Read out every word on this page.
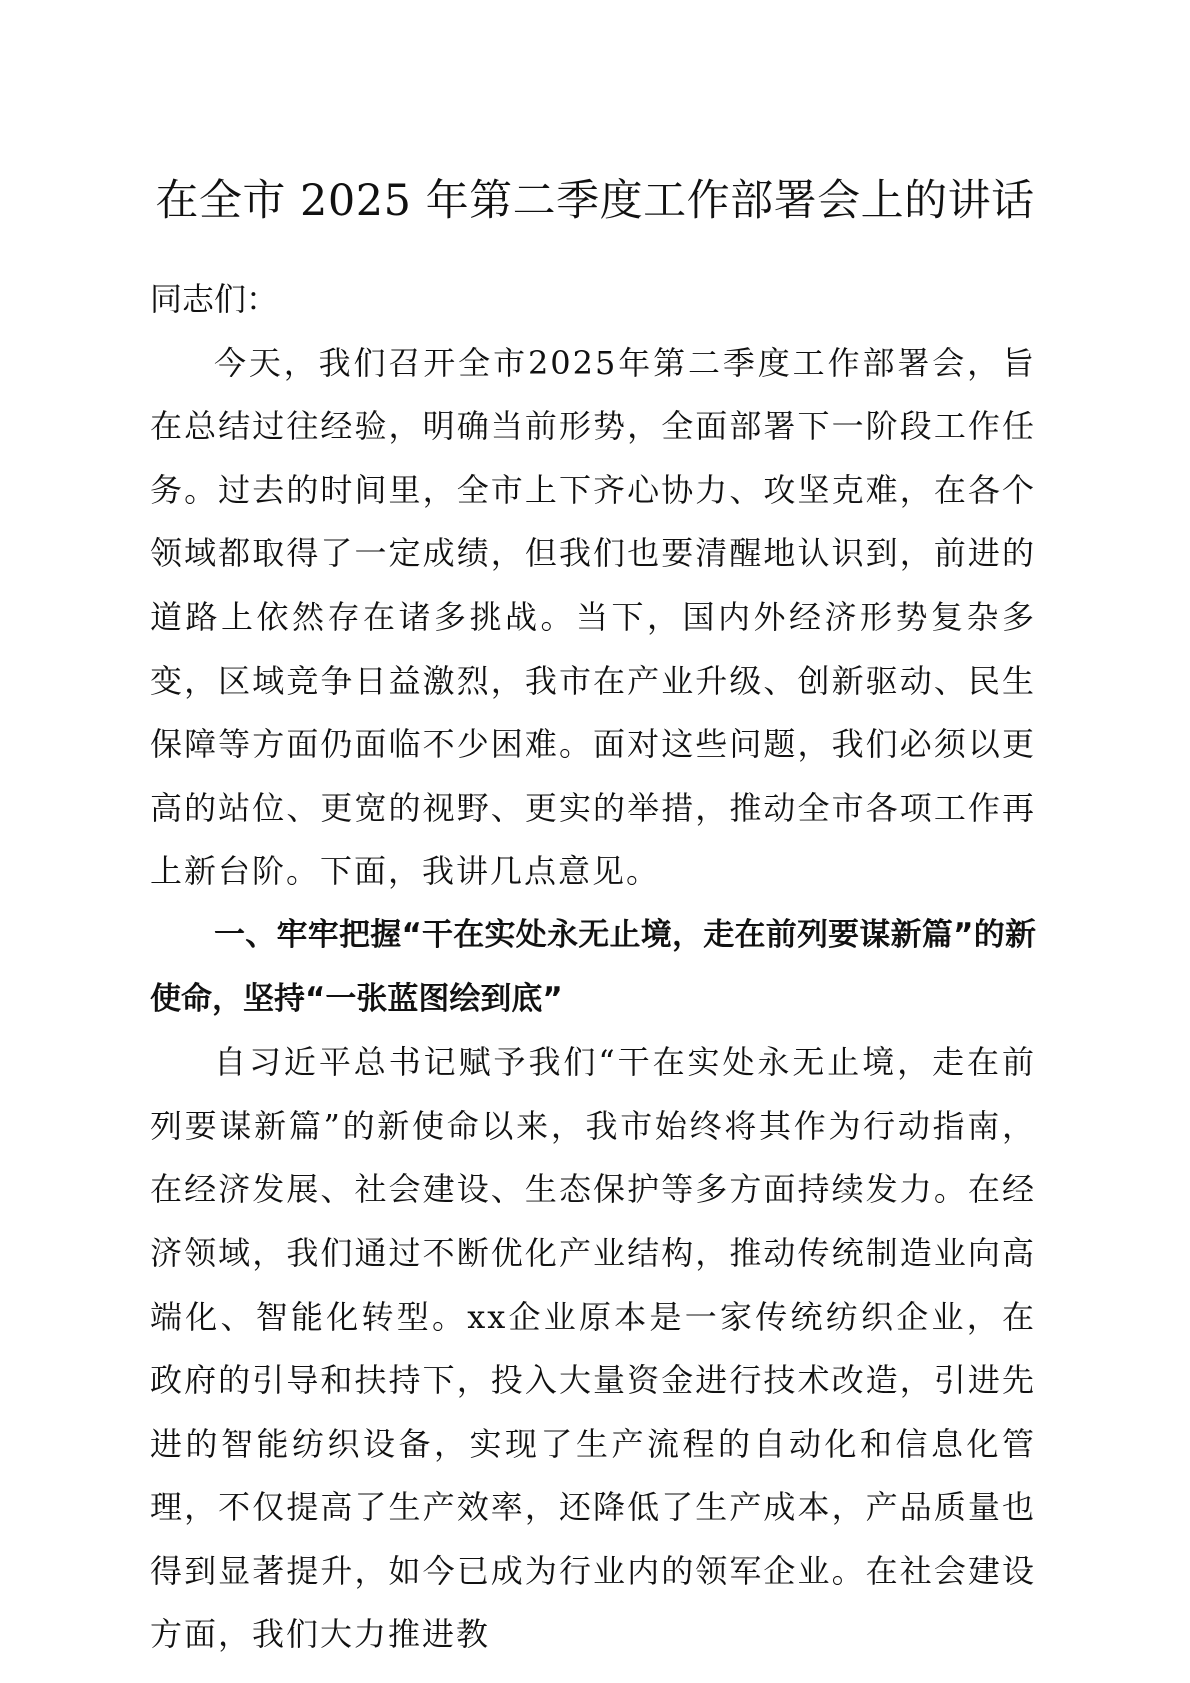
在全市 2025 年第二季度工作部署会上的讲话

同志们：

今天，我们召开全市2025年第二季度工作部署会，旨在总结过往经验，明确当前形势，全面部署下一阶段工作任务。过去的时间里，全市上下齐心协力、攻坚克难，在各个领域都取得了一定成绩，但我们也要清醒地认识到，前进的道路上依然存在诸多挑战。当下，国内外经济形势复杂多变，区域竞争日益激烈，我市在产业升级、创新驱动、民生保障等方面仍面临不少困难。面对这些问题，我们必须以更高的站位、更宽的视野、更实的举措，推动全市各项工作再上新台阶。下面，我讲几点意见。

一、牢牢把握“干在实处永无止境，走在前列要谋新篇”的新使命，坚持“一张蓝图绘到底”

自习近平总书记赋予我们“干在实处永无止境，走在前列要谋新篇”的新使命以来，我市始终将其作为行动指南，在经济发展、社会建设、生态保护等多方面持续发力。在经济领域，我们通过不断优化产业结构，推动传统制造业向高端化、智能化转型。xx企业原本是一家传统纺织企业，在政府的引导和扶持下，投入大量资金进行技术改造，引进先进的智能纺织设备，实现了生产流程的自动化和信息化管理，不仅提高了生产效率，还降低了生产成本，产品质量也得到显著提升，如今已成为行业内的领军企业。在社会建设方面，我们大力推进教
